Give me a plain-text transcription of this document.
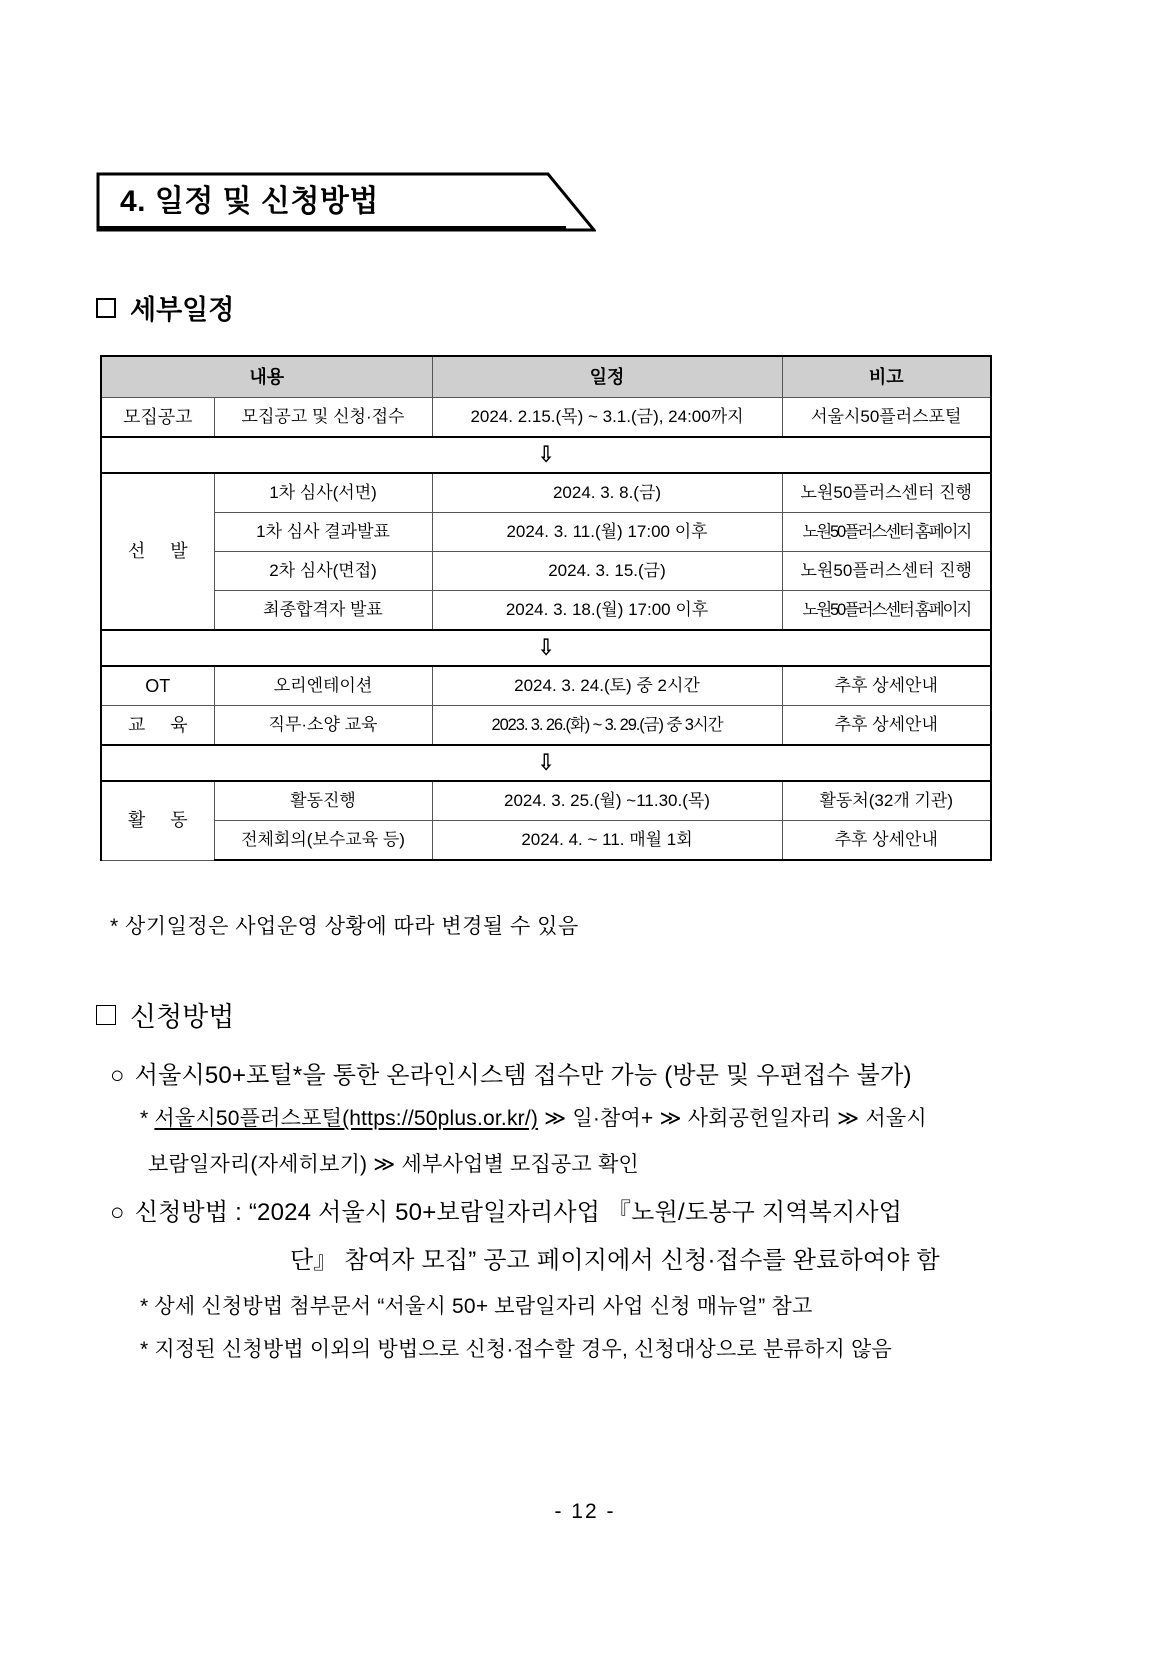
4. 일정 및 신청방법
세부일정
내용		일정	비고
모집공고	모집공고 및 신청·접수	2024. 2.15.(목) ~ 3.1.(금), 24:00까지	서울시50플러스포털
⇩			
선 발	1차 심사(서면)	2024. 3. 8.(금)	노원50플러스센터 진행
	1차 심사 결과발표	2024. 3. 11.(월) 17:00 이후	노원50플러스센터 홈페이지
	2차 심사(면접)	2024. 3. 15.(금)	노원50플러스센터 진행
	최종합격자 발표	2024. 3. 18.(월) 17:00 이후	노원50플러스센터 홈페이지
⇩			
OT	오리엔테이션	2024. 3. 24.(토) 중 2시간	추후 상세안내
교 육	직무·소양 교육	2023. 3. 26.(화) ~ 3. 29.(금) 중 3시간	추후 상세안내
⇩			
활 동	활동진행	2024. 3. 25.(월) ~11.30.(목)	활동처(32개 기관)
	전체회의(보수교육 등)	2024. 4. ~ 11. 매월 1회	추후 상세안내
* 상기일정은 사업운영 상황에 따라 변경될 수 있음
신청방법
○ 서울시50+포털*을 통한 온라인시스템 접수만 가능 (방문 및 우편접수 불가)
* 서울시50플러스포털(https://50plus.or.kr/) ≫ 일·참여+ ≫ 사회공헌일자리 ≫ 서울시
보람일자리(자세히보기) ≫ 세부사업별 모집공고 확인
○ 신청방법 : “2024 서울시 50+보람일자리사업 『노원/도봉구 지역복지사업
단』 참여자 모집” 공고 페이지에서 신청·접수를 완료하여야 함
* 상세 신청방법 첨부문서 “서울시 50+ 보람일자리 사업 신청 매뉴얼” 참고
* 지정된 신청방법 이외의 방법으로 신청·접수할 경우, 신청대상으로 분류하지 않음
- 12 -
